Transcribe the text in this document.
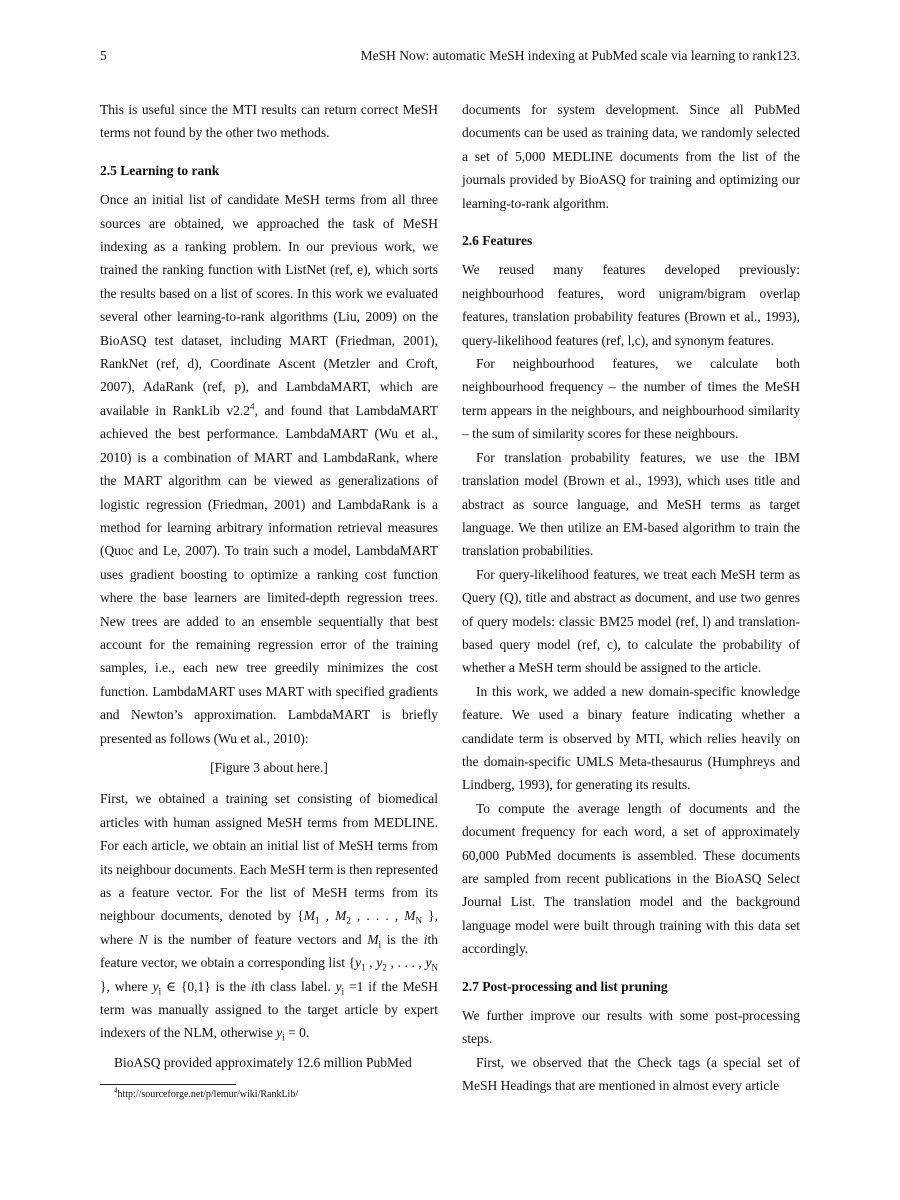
5	MeSH Now: automatic MeSH indexing at PubMed scale via learning to rank123.

This is useful since the MTI results can return correct MeSH terms not found by the other two methods.

2.5 Learning to rank

Once an initial list of candidate MeSH terms from all three sources are obtained, we approached the task of MeSH indexing as a ranking problem. In our previous work, we trained the ranking function with ListNet (ref, e), which sorts the results based on a list of scores. In this work we evaluated several other learning-to-rank algorithms (Liu, 2009) on the BioASQ test dataset, including MART (Friedman, 2001), RankNet (ref, d), Coordinate Ascent (Metzler and Croft, 2007), AdaRank (ref, p), and LambdaMART, which are available in RankLib $v2.2^4$, and found that LambdaMART achieved the best performance. LambdaMART (Wu et al., 2010) is a combination of MART and LambdaRank, where the MART algorithm can be viewed as generalizations of logistic regression (Friedman, 2001) and LambdaRank is a method for learning arbitrary information retrieval measures (Quoc and Le, 2007). To train such a model, LambdaMART uses gradient boosting to optimize a ranking cost function where the base learners are limited-depth regression trees. New trees are added to an ensemble sequentially that best account for the remaining regression error of the training samples, i.e., each new tree greedily minimizes the cost function. LambdaMART uses MART with specified gradients and Newton’s approximation. LambdaMART is briefly presented as follows (Wu et al., 2010):

[Figure 3 about here.]

First, we obtained a training set consisting of biomedical articles with human assigned MeSH terms from MEDLINE. For each article, we obtain an initial list of MeSH terms from its neighbour documents. Each MeSH term is then represented as a feature vector. For the list of MeSH terms from its neighbour documents, denoted by {$M_1$ , $M_2$ , . . . , $M_N$ }, where N is the number of feature vectors and $M_i$ is the ith feature vector, we obtain a corresponding list {$y_1$ , $y_2$ , . . . , $y_N$ }, where $y_i$ ∈ {0,1} is the ith class label. $y_i =1$ if the MeSH term was manually assigned to the target article by expert indexers of the NLM, otherwise $y_i = 0$.

BioASQ provided approximately 12.6 million PubMed

$^4$http://sourceforge.net/p/lemur/wiki/RankLib/

documents for system development. Since all PubMed documents can be used as training data, we randomly selected a set of 5,000 MEDLINE documents from the list of the journals provided by BioASQ for training and optimizing our learning-to-rank algorithm.

2.6 Features

We reused many features developed previously: neighbourhood features, word unigram/bigram overlap features, translation probability features (Brown et al., 1993), query-likelihood features (ref, l,c), and synonym features.

For neighbourhood features, we calculate both neighbourhood frequency – the number of times the MeSH term appears in the neighbours, and neighbourhood similarity – the sum of similarity scores for these neighbours.

For translation probability features, we use the IBM translation model (Brown et al., 1993), which uses title and abstract as source language, and MeSH terms as target language. We then utilize an EM-based algorithm to train the translation probabilities.

For query-likelihood features, we treat each MeSH term as Query (Q), title and abstract as document, and use two genres of query models: classic BM25 model (ref, l) and translation-based query model (ref, c), to calculate the probability of whether a MeSH term should be assigned to the article.

In this work, we added a new domain-specific knowledge feature. We used a binary feature indicating whether a candidate term is observed by MTI, which relies heavily on the domain-specific UMLS Meta-thesaurus (Humphreys and Lindberg, 1993), for generating its results.

To compute the average length of documents and the document frequency for each word, a set of approximately 60,000 PubMed documents is assembled. These documents are sampled from recent publications in the BioASQ Select Journal List. The translation model and the background language model were built through training with this data set accordingly.

2.7 Post-processing and list pruning

We further improve our results with some post-processing steps.

First, we observed that the Check tags (a special set of MeSH Headings that are mentioned in almost every article
